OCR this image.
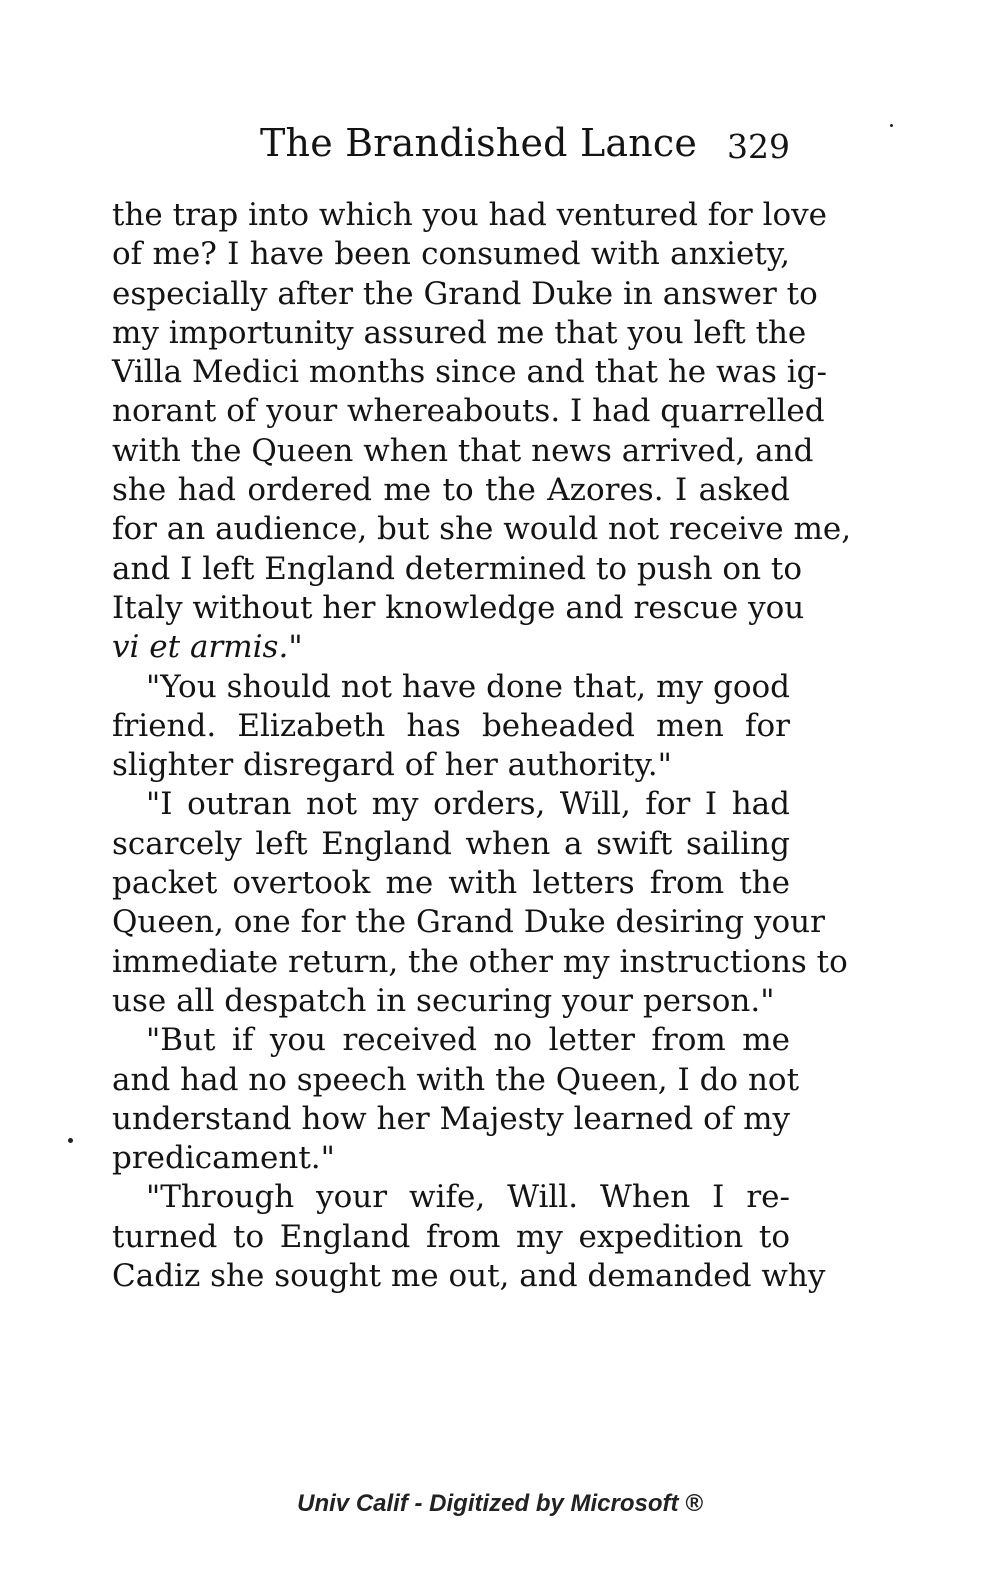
The Brandished Lance 329
the trap into which you had ventured for love
of me? I have been consumed with anxiety,
especially after the Grand Duke in answer to
my importunity assured me that you left the
Villa Medici months since and that he was ig-
norant of your whereabouts. I had quarrelled
with the Queen when that news arrived, and
she had ordered me to the Azores. I asked
for an audience, but she would not receive me,
and I left England determined to push on to
Italy without her knowledge and rescue you
vi et armis."
"You should not have done that, my good
friend. Elizabeth has beheaded men for
slighter disregard of her authority."
"I outran not my orders, Will, for I had
scarcely left England when a swift sailing
packet overtook me with letters from the
Queen, one for the Grand Duke desiring your
immediate return, the other my instructions to
use all despatch in securing your person."
"But if you received no letter from me
and had no speech with the Queen, I do not
understand how her Majesty learned of my
predicament."
"Through your wife, Will. When I re-
turned to England from my expedition to
Cadiz she sought me out, and demanded why
Univ Calif - Digitized by Microsoft ®
